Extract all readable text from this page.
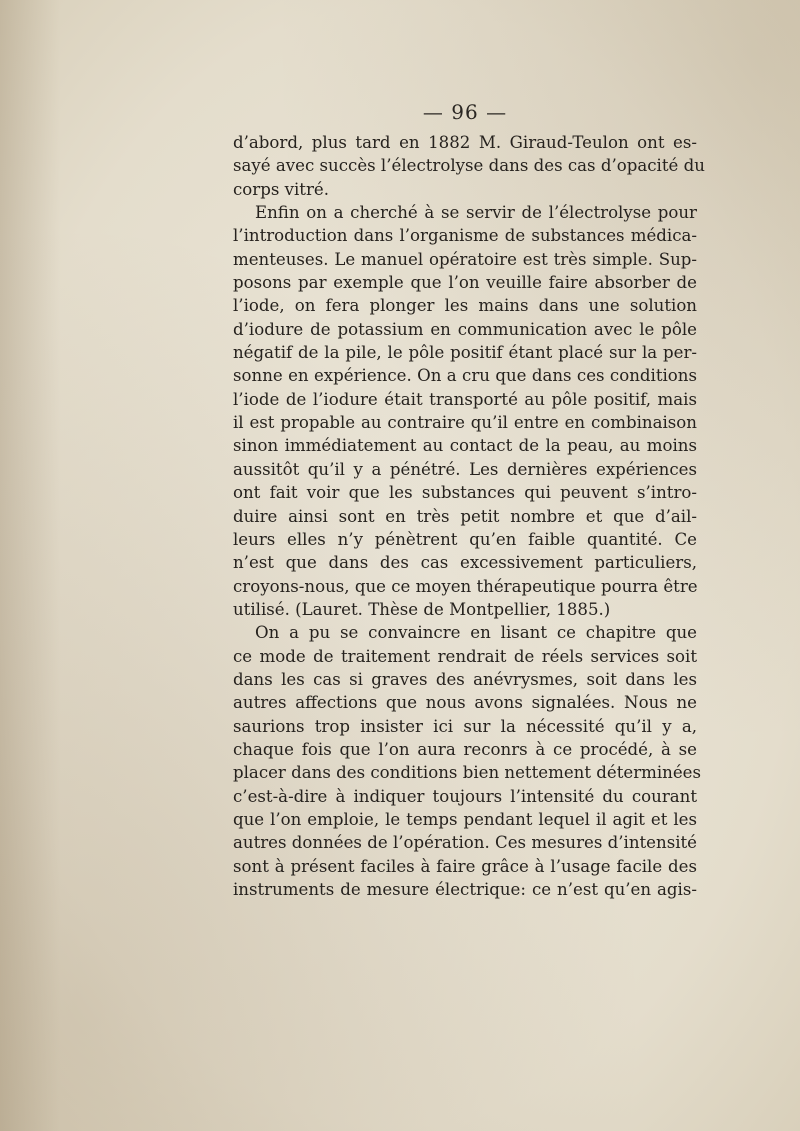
— 96 —
d’abord, plus tard en 1882 M. Giraud-Teulon ont es-
sayé avec succès l’électrolyse dans des cas d’opacité du
corps vitré.
Enfin on a cherché à se servir de l’électrolyse pour
l’introduction dans l’organisme de substances médica-
menteuses. Le manuel opératoire est très simple. Sup-
posons par exemple que l’on veuille faire absorber de
l’iode, on fera plonger les mains dans une solution
d’iodure de potassium en communication avec le pôle
négatif de la pile, le pôle positif étant placé sur la per-
sonne en expérience. On a cru que dans ces conditions
l’iode de l’iodure était transporté au pôle positif, mais
il est propable au contraire qu’il entre en combinaison
sinon immédiatement au contact de la peau, au moins
aussitôt qu’il y a pénétré. Les dernières expériences
ont fait voir que les substances qui peuvent s’intro-
duire ainsi sont en très petit nombre et que d’ail-
leurs elles n’y pénètrent qu’en faible quantité. Ce
n’est que dans des cas excessivement particuliers,
croyons-nous, que ce moyen thérapeutique pourra être
utilisé. (Lauret. Thèse de Montpellier, 1885.)
On a pu se convaincre en lisant ce chapitre que
ce mode de traitement rendrait de réels services soit
dans les cas si graves des anévrysmes, soit dans les
autres affections que nous avons signalées. Nous ne
saurions trop insister ici sur la nécessité qu’il y a,
chaque fois que l’on aura reconrs à ce procédé, à se
placer dans des conditions bien nettement déterminées
c’est-à-dire à indiquer toujours l’intensité du courant
que l’on emploie, le temps pendant lequel il agit et les
autres données de l’opération. Ces mesures d’intensité
sont à présent faciles à faire grâce à l’usage facile des
instruments de mesure électrique: ce n’est qu’en agis-
